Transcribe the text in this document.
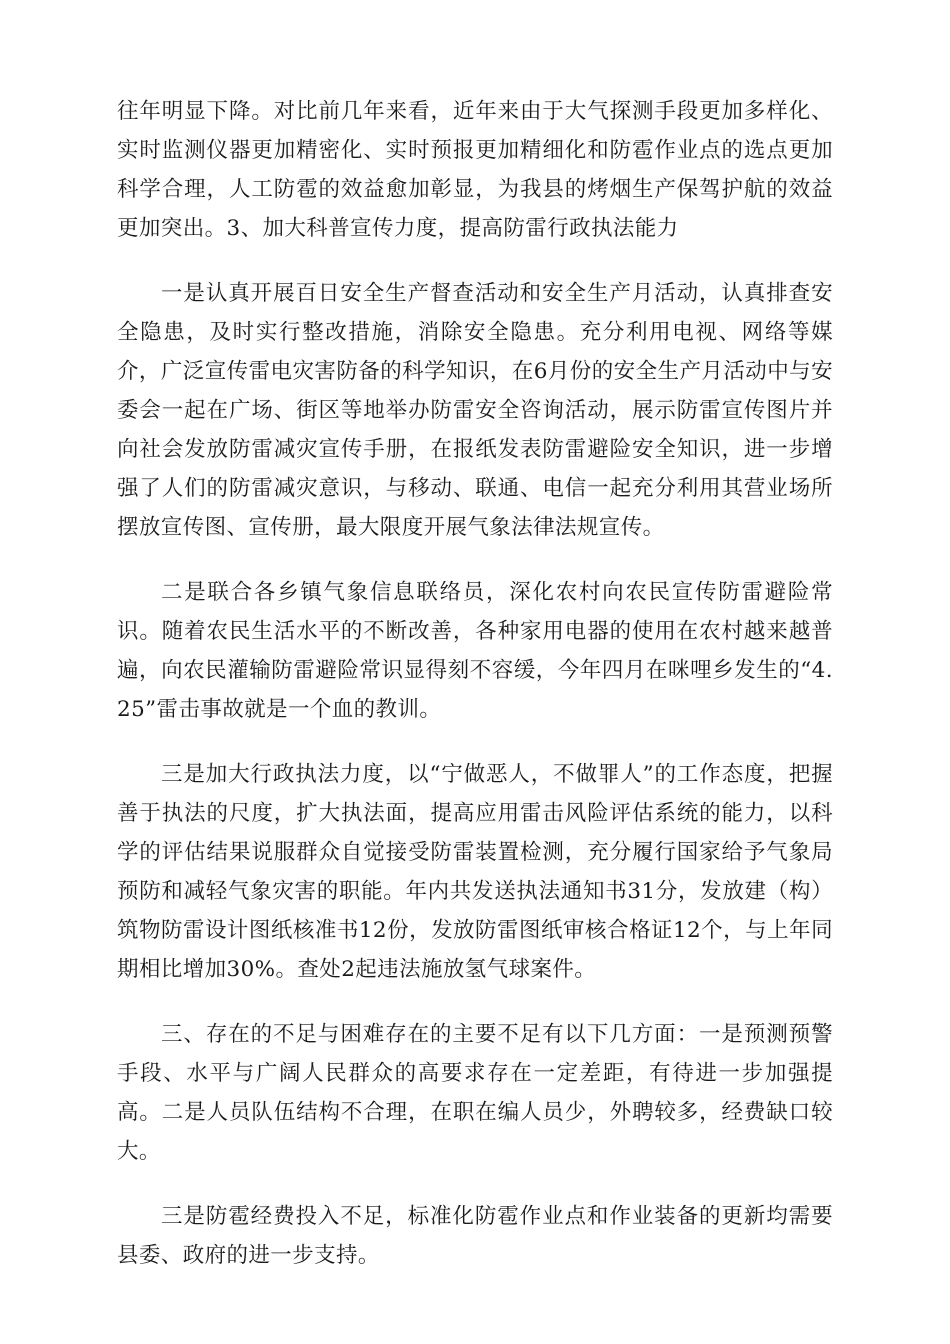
往年明显下降。对比前几年来看，近年来由于大气探测手段更加多样化、实时监测仪器更加精密化、实时预报更加精细化和防雹作业点的选点更加科学合理，人工防雹的效益愈加彰显，为我县的烤烟生产保驾护航的效益更加突出。3、加大科普宣传力度，提高防雷行政执法能力

一是认真开展百日安全生产督查活动和安全生产月活动，认真排查安全隐患，及时实行整改措施，消除安全隐患。充分利用电视、网络等媒介，广泛宣传雷电灾害防备的科学知识，在6月份的安全生产月活动中与安委会一起在广场、街区等地举办防雷安全咨询活动，展示防雷宣传图片并向社会发放防雷减灾宣传手册，在报纸发表防雷避险安全知识，进一步增强了人们的防雷减灾意识，与移动、联通、电信一起充分利用其营业场所摆放宣传图、宣传册，最大限度开展气象法律法规宣传。

二是联合各乡镇气象信息联络员，深化农村向农民宣传防雷避险常识。随着农民生活水平的不断改善，各种家用电器的使用在农村越来越普遍，向农民灌输防雷避险常识显得刻不容缓，今年四月在咪哩乡发生的“4.25”雷击事故就是一个血的教训。

三是加大行政执法力度，以“宁做恶人，不做罪人”的工作态度，把握善于执法的尺度，扩大执法面，提高应用雷击风险评估系统的能力，以科学的评估结果说服群众自觉接受防雷装置检测，充分履行国家给予气象局预防和减轻气象灾害的职能。年内共发送执法通知书31分，发放建（构）筑物防雷设计图纸核准书12份，发放防雷图纸审核合格证12个，与上年同期相比增加30%。查处2起违法施放氢气球案件。

三、存在的不足与困难存在的主要不足有以下几方面：一是预测预警手段、水平与广阔人民群众的高要求存在一定差距，有待进一步加强提高。二是人员队伍结构不合理，在职在编人员少，外聘较多，经费缺口较大。

三是防雹经费投入不足，标准化防雹作业点和作业装备的更新均需要县委、政府的进一步支持。
